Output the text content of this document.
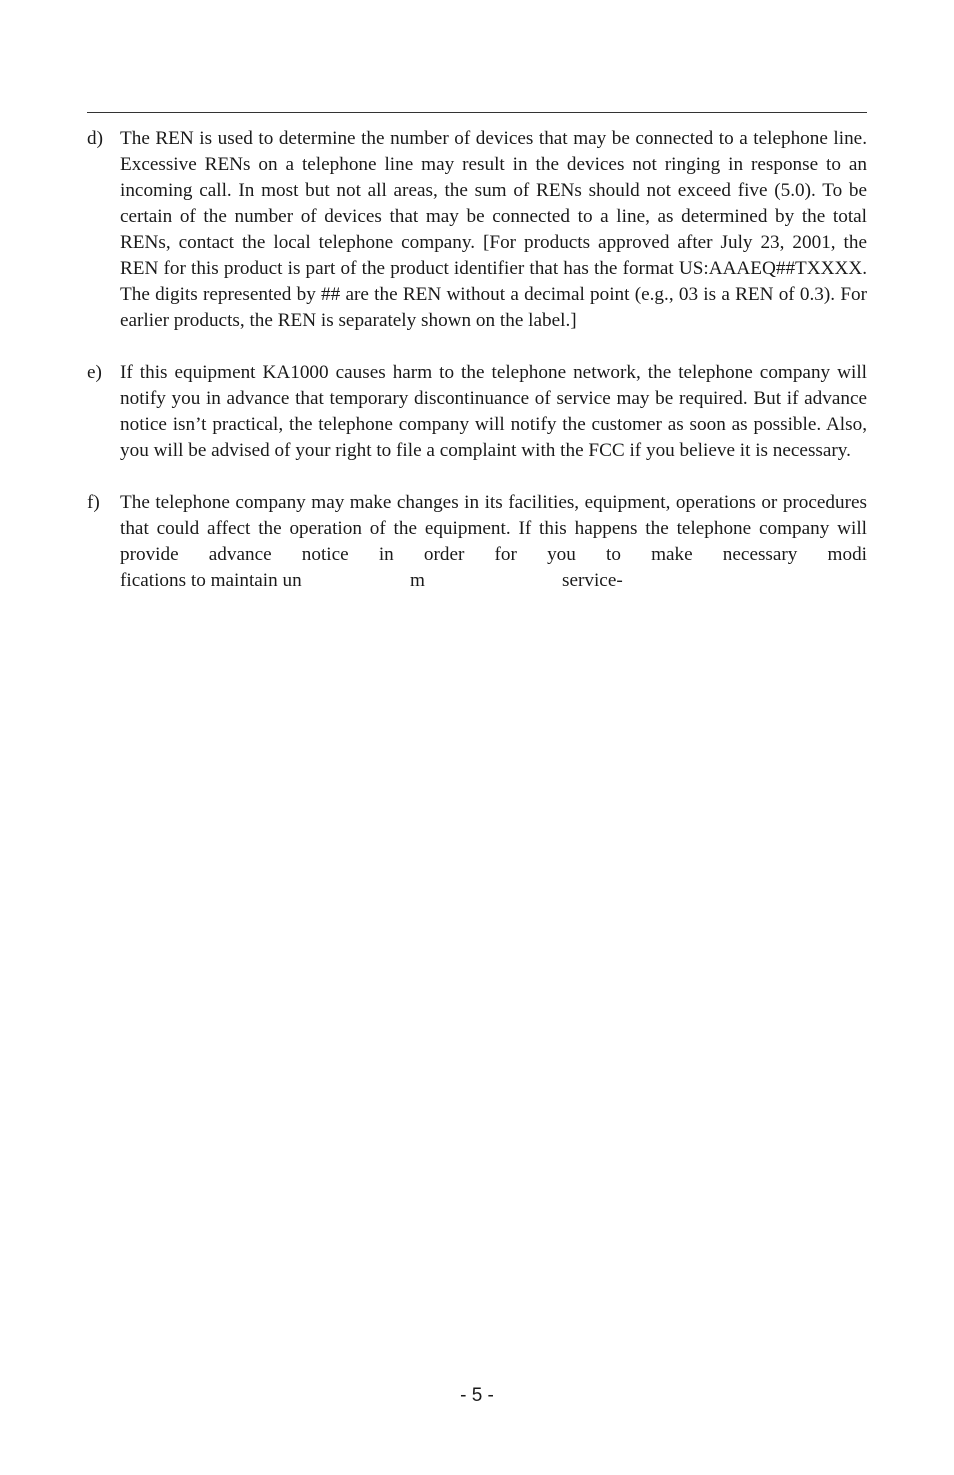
d) The REN is used to determine the number of devices that may be connected to a telephone line. Excessive RENs on a telephone line may result in the devices not ringing in response to an incoming call. In most but not all areas, the sum of RENs should not exceed five (5.0). To be certain of the number of devices that may be connected to a line, as determined by the total RENs, contact the local telephone company. [For products approved after July 23, 2001, the REN for this product is part of the product identifier that has the format US:AAAEQ##TXXXX. The digits represented by ## are the REN without a decimal point (e.g., 03 is a REN of 0.3). For earlier products, the REN is separately shown on the label.]
e) If this equipment KA1000 causes harm to the telephone network, the telephone company will notify you in advance that temporary discontinuance of service may be required. But if advance notice isn’t practical, the telephone company will notify the customer as soon as possible. Also, you will be advised of your right to file a complaint with the FCC if you believe it is necessary.
f)	The telephone company may make changes in its facilities, equipment, operations or procedures that could affect the operation of the equipment. If this happens the telephone company will provide advance notice in order for you to make necessary modi
fications to maintain un	m	service-
- 5 -
